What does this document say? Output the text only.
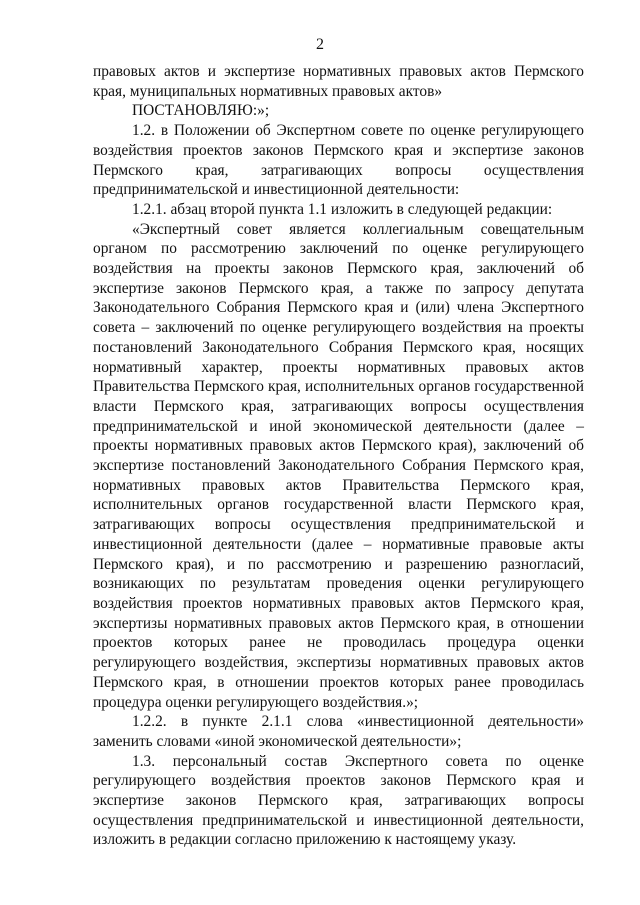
2

правовых актов и экспертизе нормативных правовых актов Пермского края, муниципальных нормативных правовых актов»

ПОСТАНОВЛЯЮ:»;

1.2. в Положении об Экспертном совете по оценке регулирующего воздействия проектов законов Пермского края и экспертизе законов Пермского края, затрагивающих вопросы осуществления предпринимательской и инвестиционной деятельности:

1.2.1. абзац второй пункта 1.1 изложить в следующей редакции:

«Экспертный совет является коллегиальным совещательным органом по рассмотрению заключений по оценке регулирующего воздействия на проекты законов Пермского края, заключений об экспертизе законов Пермского края, а также по запросу депутата Законодательного Собрания Пермского края и (или) члена Экспертного совета – заключений по оценке регулирующего воздействия на проекты постановлений Законодательного Собрания Пермского края, носящих нормативный характер, проекты нормативных правовых актов Правительства Пермского края, исполнительных органов государственной власти Пермского края, затрагивающих вопросы осуществления предпринимательской и иной экономической деятельности (далее – проекты нормативных правовых актов Пермского края), заключений об экспертизе постановлений Законодательного Собрания Пермского края, нормативных правовых актов Правительства Пермского края, исполнительных органов государственной власти Пермского края, затрагивающих вопросы осуществления предпринимательской и инвестиционной деятельности (далее – нормативные правовые акты Пермского края), и по рассмотрению и разрешению разногласий, возникающих по результатам проведения оценки регулирующего воздействия проектов нормативных правовых актов Пермского края, экспертизы нормативных правовых актов Пермского края, в отношении проектов которых ранее не проводилась процедура оценки регулирующего воздействия, экспертизы нормативных правовых актов Пермского края, в отношении проектов которых ранее проводилась процедура оценки регулирующего воздействия.»;

1.2.2. в пункте 2.1.1 слова «инвестиционной деятельности» заменить словами «иной экономической деятельности»;

1.3. персональный состав Экспертного совета по оценке регулирующего воздействия проектов законов Пермского края и экспертизе законов Пермского края, затрагивающих вопросы осуществления предпринимательской и инвестиционной деятельности, изложить в редакции согласно приложению к настоящему указу.
